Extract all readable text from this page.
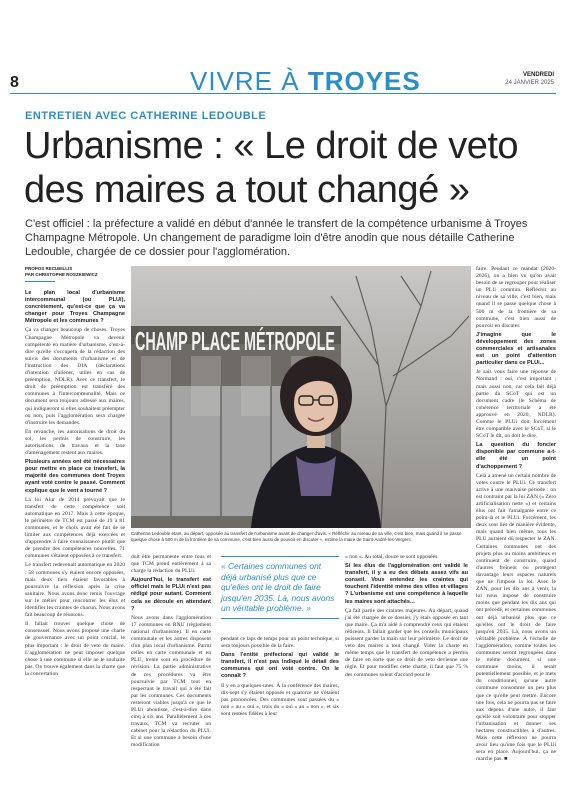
8	VIVRE À TROYES	VENDREDI
24 JANVIER 2025
ENTRETIEN AVEC CATHERINE LEDOUBLE
Urbanisme : « Le droit de veto des maires a tout changé »
C'est officiel : la préfecture a validé en début d'année le transfert de la compétence urbanisme à Troyes Champagne Métropole. Un changement de paradigme loin d'être anodin que nous détaille Catherine Ledouble, chargée de ce dossier pour l'agglomération.
PROPOS RECUEILLIS
PAR CHRISTOPHE ROSZKIEWICZ

Le plan local d'urbanisme intercommunal (ou PLUi), concrètement, qu'est-ce que ça va changer pour Troyes Champagne Métropole et les communes ?

Ça va changer beaucoup de choses. Troyes Champagne Métropole va devenir compétente en matière d'urbanisme, c'est-à-dire qu'elle s'occupera de la rédaction des suivis des documents d'urbanisme et de l'instruction des DIA (déclarations d'intention d'aliéner, utiles en cas de préemption, NDLR). Avec ce transfert, le droit de préemption est transféré des communes à l'intercommunalité. Mais ce document sera toujours adressé aux maires, qui indiqueront si elles souhaitent préempter ou non, puis l'agglomération sera chargée d'instruire les demandes.

En revanche, les autorisations de droit du sol, les permis de construire, les autorisations de travaux et la taxe d'aménagement restent aux maires.

Plusieurs années ont été nécessaires pour mettre en place ce transfert, la majorité des communes dont Troyes ayant voté contre le passé. Comment explique que le vent a tourné ?

La loi Alur de 2014 prévoyait que le transfert de cette compétence soit automatique en 2017. Mais à cette époque, le périmètre de TCM est passé de 19 à 81 communes, et le choix avait été fait de se limiter aux compétences déjà exercées et d'apprendre à faire connaissance plutôt que de prendre des compétences nouvelles. 71 communes s'étaient opposées à ce transfert.

Le transfert redevenait automatique en 2020 : 58 communes s'y étaient encore opposées, mais deux tiers étaient favorables à poursuivre la réflexion après la crise sanitaire. Nous avons donc remis l'ouvrage sur le métier pour rencontrer les élus et identifier les craintes de chacun. Nous avons fait beaucoup de réunions.

Il fallait trouver quelque chose de consensuel. Nous avons proposé une charte de gouvernance avec un point crucial, le plus important : le droit de veto du maire. L'agglomération ne peut imposer quelque chose à une commune si elle ne le souhaite pas. On trouve également dans la charte que la concertation

faire. Pendant ce mandat (2020-2026), on a bien vu qu'on avait besoin de se regrouper pour réaliser un PLU commun. Réfléchir au niveau de sa ville, c'est bien, mais quand il se passe quelque chose à 500 m de la frontière de sa commune, c'est bien aussi de pouvoir en discuter.

J'imagine que le développement des zones commerciales et artisanales est un point d'attention particulier dans ce PLUi...

Je sais vous faire une réponse de Normand : oui, c'est important ; mais aussi non, car cela fait déjà partie du SCoT qui est un document cadre (le Schéma de cohérence territoriale a été approuvé en 2020, NDLR). Comme le PLUi doit forcément être compatible avec le SCoT, si le SCoT le dit, on doit le dire.

La question du foncier disponible par commune a-t-elle été un point d'achoppement ?

Cela a amené un certain nombre de votes contre le PLUi. Ce transfert arrive à une mauvaise période : on est contraint par la loi ZAN (« Zéro artificialisation nette ») et certains élus ont fait l'amalgame entre ce point-là et le PLUi. Forcément, les deux sont liés de manière évidente, mais quand bien même, tous les PLU auraient dû respecter le ZAN. Certaines communes ont des projets plus ou moins ambitieux et continuent de construire, quand d'autres freinent ou protègent davantage leurs espaces naturels que ne l'impose la loi. Avec le ZAN, pour les dix ans à venir, la loi nous impose de construire moins que pendant les dix ans qui ont précédé, et certaines communes ont déjà urbanisé plus que ce qu'elles ont le droit de faire jusqu'en 2035. Là, nous avons un véritable problème. À l'échelle de l'agglomération, comme toutes les communes seront regroupées dans le même document, si une commune moins, il serait potentiellement possible, et je mets du conditionnel, qu'une autre commune consomme un peu plus que ce qu'elle peut mettre. Encore une fois, cela ne pourra pas se faire aux dépens d'une autre, il faut qu'elle soit volontaire pour stopper l'urbanisation et donner ses hectares constructibles à d'autres. Mais cette réflexion ne pourra avoir lieu qu'une fois que le PLUi sera en place. Aujourd'hui, ça ne marche pas. ■

CHAMP PLACE MÉTROPOLE
Catherine Ledouble étant, au départ, opposée au transfert de l'urbanisme avant de changer d'avis. « Réfléchir au niveau de sa ville, c'est bien, mais quand il se passe quelque chose à 500 m de la frontière de sa commune, c'est bien aussi de pouvoir en discuter », estime la maire de Saint-André-les-Vergers.

doit être permanente entre tous et que TCM prend entièrement à sa charge la rédaction du PLUi.

Aujourd'hui, le transfert est officiel mais le PLUi n'est pas rédigé pour autant. Comment cela se déroule en attendant ?

Nous avons dans l'agglomération 17 communes en RNU (règlement national d'urbanisme). Il en carte communale et les autres disposent d'un plan local d'urbanisme. Parmi celles en carte communale et en PLU, trente sont en procédure de révision. La partie administrative de ces procédures va être poursuivie par TCM tout en respectant le travail qui a été fait par les communes. Ces documents resteront viables jusqu'à ce que le PLUi aboutisse, c'est-à-dire dans cinq à six ans. Parallèlement à ces travaux, TCM va recruter un cabinet pour la rédaction du PLUi. Et si une commune a besoin d'une modification

« Certaines communes ont déjà urbanisé plus que ce qu'elles ont le droit de faire jusqu'en 2035. Là, nous avons un véritable problème. »

pendant ce laps de temps pour un point technique, si sera toujours possible de la faire.

Dans l'entité préfectoral qui validé le transfert, il n'est pas indiqué le détail des communes qui ont voté contre. On le connaît ?

Il y en a quelques-unes. À la conférence des maires, dix-sept s'y étaient opposés et quatorze ne s'étaient pas prononcées. Des communes sont passées du « non » au « oui », trois du « oui » au « non », et six sont restées fidèles à leur

« non ». Au total, douze se sont opposées.

Si les élus de l'agglomération ont validé le transfert, il y a eu des débats assez vifs au conseil. Vous entendez les craintes qui touchent l'identité même des villes et villages ? L'urbanisme est une compétence à laquelle les maires sont attachés...

Ça fait partie des craintes majeures. Au départ, quand j'ai été chargée de ce dossier, j'y étais opposée en tant que maire. Ça m'a aidé à comprendre ceux qui étaient réticents. Il fallait garder que les conseils municipaux puissent garder la main sur leur périmètre. Le droit de veto des maires a tout changé. Vider la charte en même temps que le transfert de compétence a permis de faire en sorte que ce droit de veto devienne une règle. Et pour modifier cette charte, il faut que 75 % des communes soient d'accord pour le
